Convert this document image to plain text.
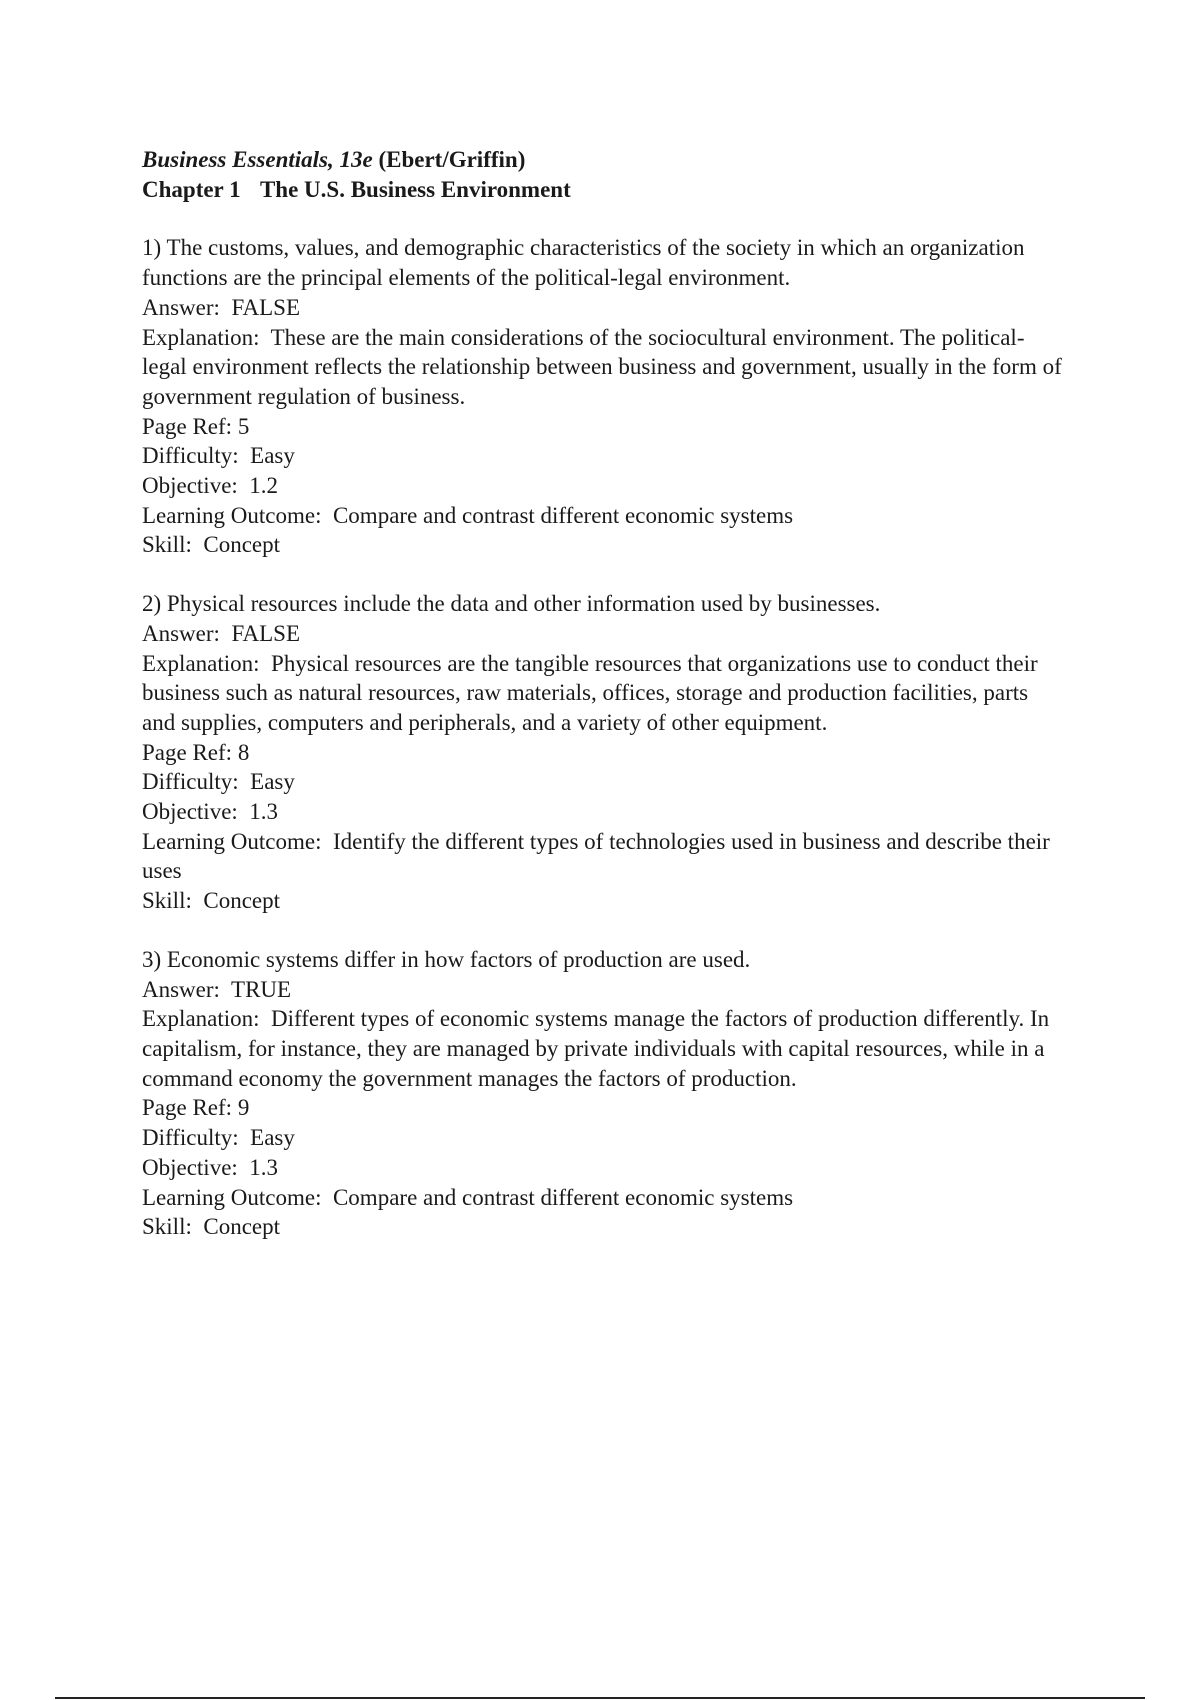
Business Essentials, 13e (Ebert/Griffin)

Chapter 1 The U.S. Business Environment

1) The customs, values, and demographic characteristics of the society in which an organization functions are the principal elements of the political-legal environment.

Answer: FALSE

Explanation: These are the main considerations of the sociocultural environment. The political-legal environment reflects the relationship between business and government, usually in the form of government regulation of business.

Page Ref: 5

Difficulty: Easy

Objective: 1.2

Learning Outcome: Compare and contrast different economic systems

Skill: Concept

2) Physical resources include the data and other information used by businesses.

Answer: FALSE

Explanation: Physical resources are the tangible resources that organizations use to conduct their business such as natural resources, raw materials, offices, storage and production facilities, parts and supplies, computers and peripherals, and a variety of other equipment.

Page Ref: 8

Difficulty: Easy

Objective: 1.3

Learning Outcome: Identify the different types of technologies used in business and describe their uses

Skill: Concept

3) Economic systems differ in how factors of production are used.

Answer: TRUE

Explanation: Different types of economic systems manage the factors of production differently. In capitalism, for instance, they are managed by private individuals with capital resources, while in a command economy the government manages the factors of production.

Page Ref: 9

Difficulty: Easy

Objective: 1.3

Learning Outcome: Compare and contrast different economic systems

Skill: Concept
